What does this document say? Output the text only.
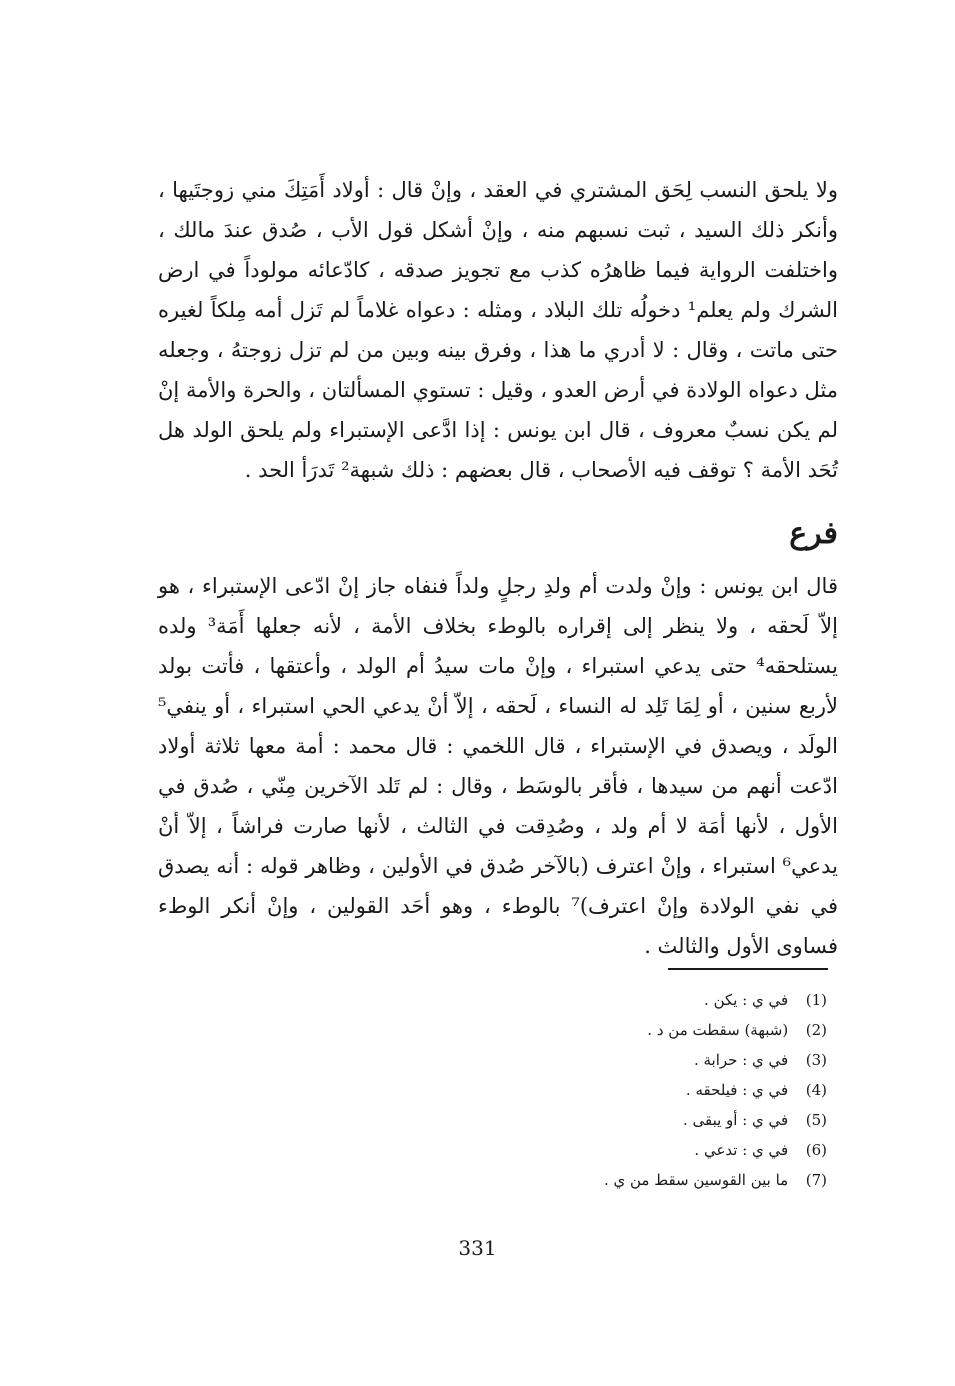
ولا يلحق النسب لِحَق المشتري في العقد ، وإنْ قال : أولاد أَمَتِكَ مني زوجتَيها ، وأنكر ذلك السيد ، ثبت نسبهم منه ، وإنْ أشكل قول الأب ، صُدق عندَ مالك ، واختلفت الرواية فيما ظاهرُه كذب مع تجويز صدقه ، كادّعائه مولوداً في ارض الشرك ولم يعلم¹ دخولُه تلك البلاد ، ومثله : دعواه غلاماً لم تَزل أمه مِلكاً لغيره حتى ماتت ، وقال : لا أدري ما هذا ، وفرق بينه وبين من لم تزل زوجتهُ ، وجعله مثل دعواه الولادة في أرض العدو ، وقيل : تستوي المسألتان ، والحرة والأمة إنْ لم يكن نسبٌ معروف ، قال ابن يونس : إذا ادَّعى الإستبراء ولم يلحق الولد هل تُحَد الأمة ؟ توقف فيه الأصحاب ، قال بعضهم : ذلك شبهة² تَدرَأ الحد .

فرع

قال ابن يونس : وإنْ ولدت أم ولدِ رجلٍ ولداً فنفاه جاز إنْ ادّعى الإستبراء ، هو إلاّ لَحقه ، ولا ينظر إلى إقراره بالوطء بخلاف الأمة ، لأنه جعلها أَمَة³ ولده يستلحقه⁴ حتى يدعي استبراء ، وإنْ مات سيدُ أم الولد ، وأعتقها ، فأتت بولد لأربع سنين ، أو لِمَا تَلِد له النساء ، لَحقه ، إلاّ أنْ يدعي الحي استبراء ، أو ينفي⁵ الولَد ، ويصدق في الإستبراء ، قال اللخمي : قال محمد : أمة معها ثلاثة أولاد ادّعت أنهم من سيدها ، فأقر بالوسَط ، وقال : لم تَلد الآخرين مِنّي ، صُدق في الأول ، لأنها أمَة لا أم ولد ، وصُدِقت في الثالث ، لأنها صارت فراشاً ، إلاّ أنْ يدعي⁶ استبراء ، وإنْ اعترف (بالآخر صُدق في الأولين ، وظاهر قوله : أنه يصدق في نفي الولادة وإنْ اعترف)⁷ بالوطء ، وهو أحَد القولين ، وإنْ أنكر الوطء فساوى الأول والثالث .

(1) في ي : يكن .
(2) (شبهة) سقطت من د .
(3) في ي : حرابة .
(4) في ي : فيلحقه .
(5) في ي : أو يبقى .
(6) في ي : تدعي .
(7) ما بين القوسين سقط من ي .

331
